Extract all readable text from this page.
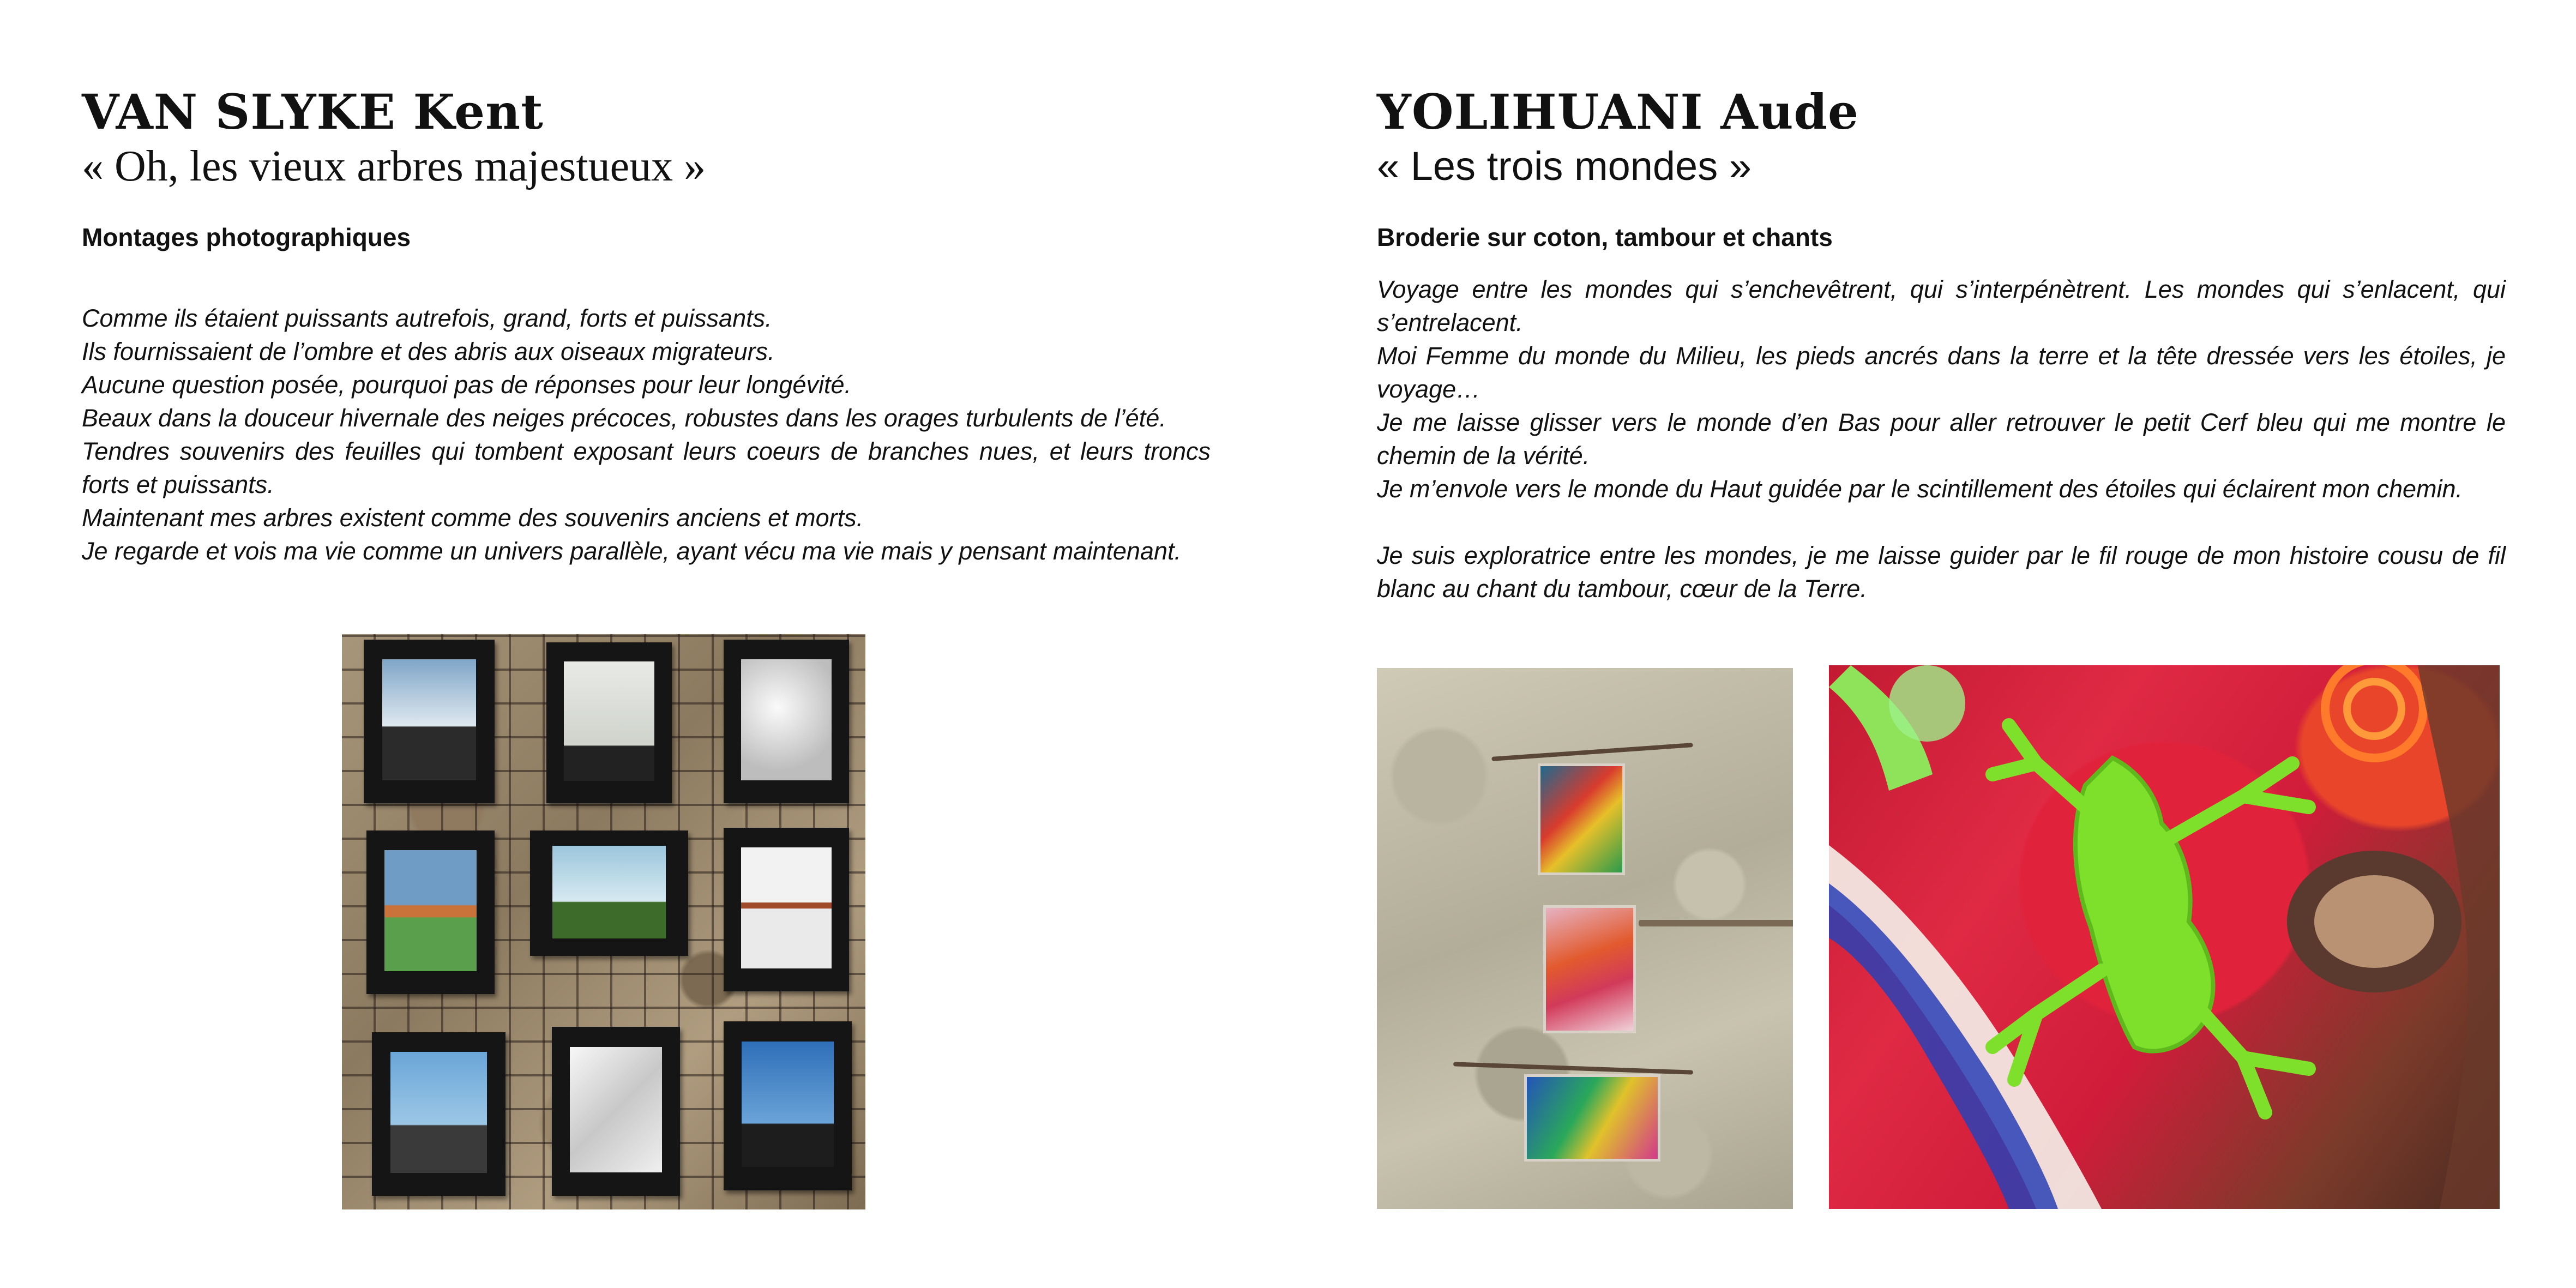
VAN SLYKE Kent
« Oh, les vieux arbres majestueux »
Montages photographiques

Comme ils étaient puissants autrefois, grand, forts et puissants.

Ils fournissaient de l’ombre et des abris aux oiseaux migrateurs.

Aucune question posée, pourquoi pas de réponses pour leur longévité.

Beaux dans la douceur hivernale des neiges précoces, robustes dans les orages turbulents de l’été.

Tendres souvenirs des feuilles qui tombent exposant leurs coeurs de branches nues, et leurs troncs forts et puissants.

Maintenant mes arbres existent comme des souvenirs anciens et morts.

Je regarde et vois ma vie comme un univers parallèle, ayant vécu ma vie mais y pensant maintenant.

YOLIHUANI Aude
« Les trois mondes »
Broderie sur coton, tambour et chants

Voyage entre les mondes qui s’enchevêtrent, qui s’interpénètrent. Les mondes qui s’enlacent, qui s’entrelacent.

Moi Femme du monde du Milieu, les pieds ancrés dans la terre et la tête dressée vers les étoiles, je voyage…

Je me laisse glisser vers le monde d’en Bas pour aller retrouver le petit Cerf bleu qui me montre le chemin de la vérité.

Je m’envole vers le monde du Haut guidée par le scintillement des étoiles qui éclairent mon chemin.

Je suis exploratrice entre les mondes, je me laisse guider par le fil rouge de mon histoire cousu de fil blanc au chant du tambour, cœur de la Terre.
